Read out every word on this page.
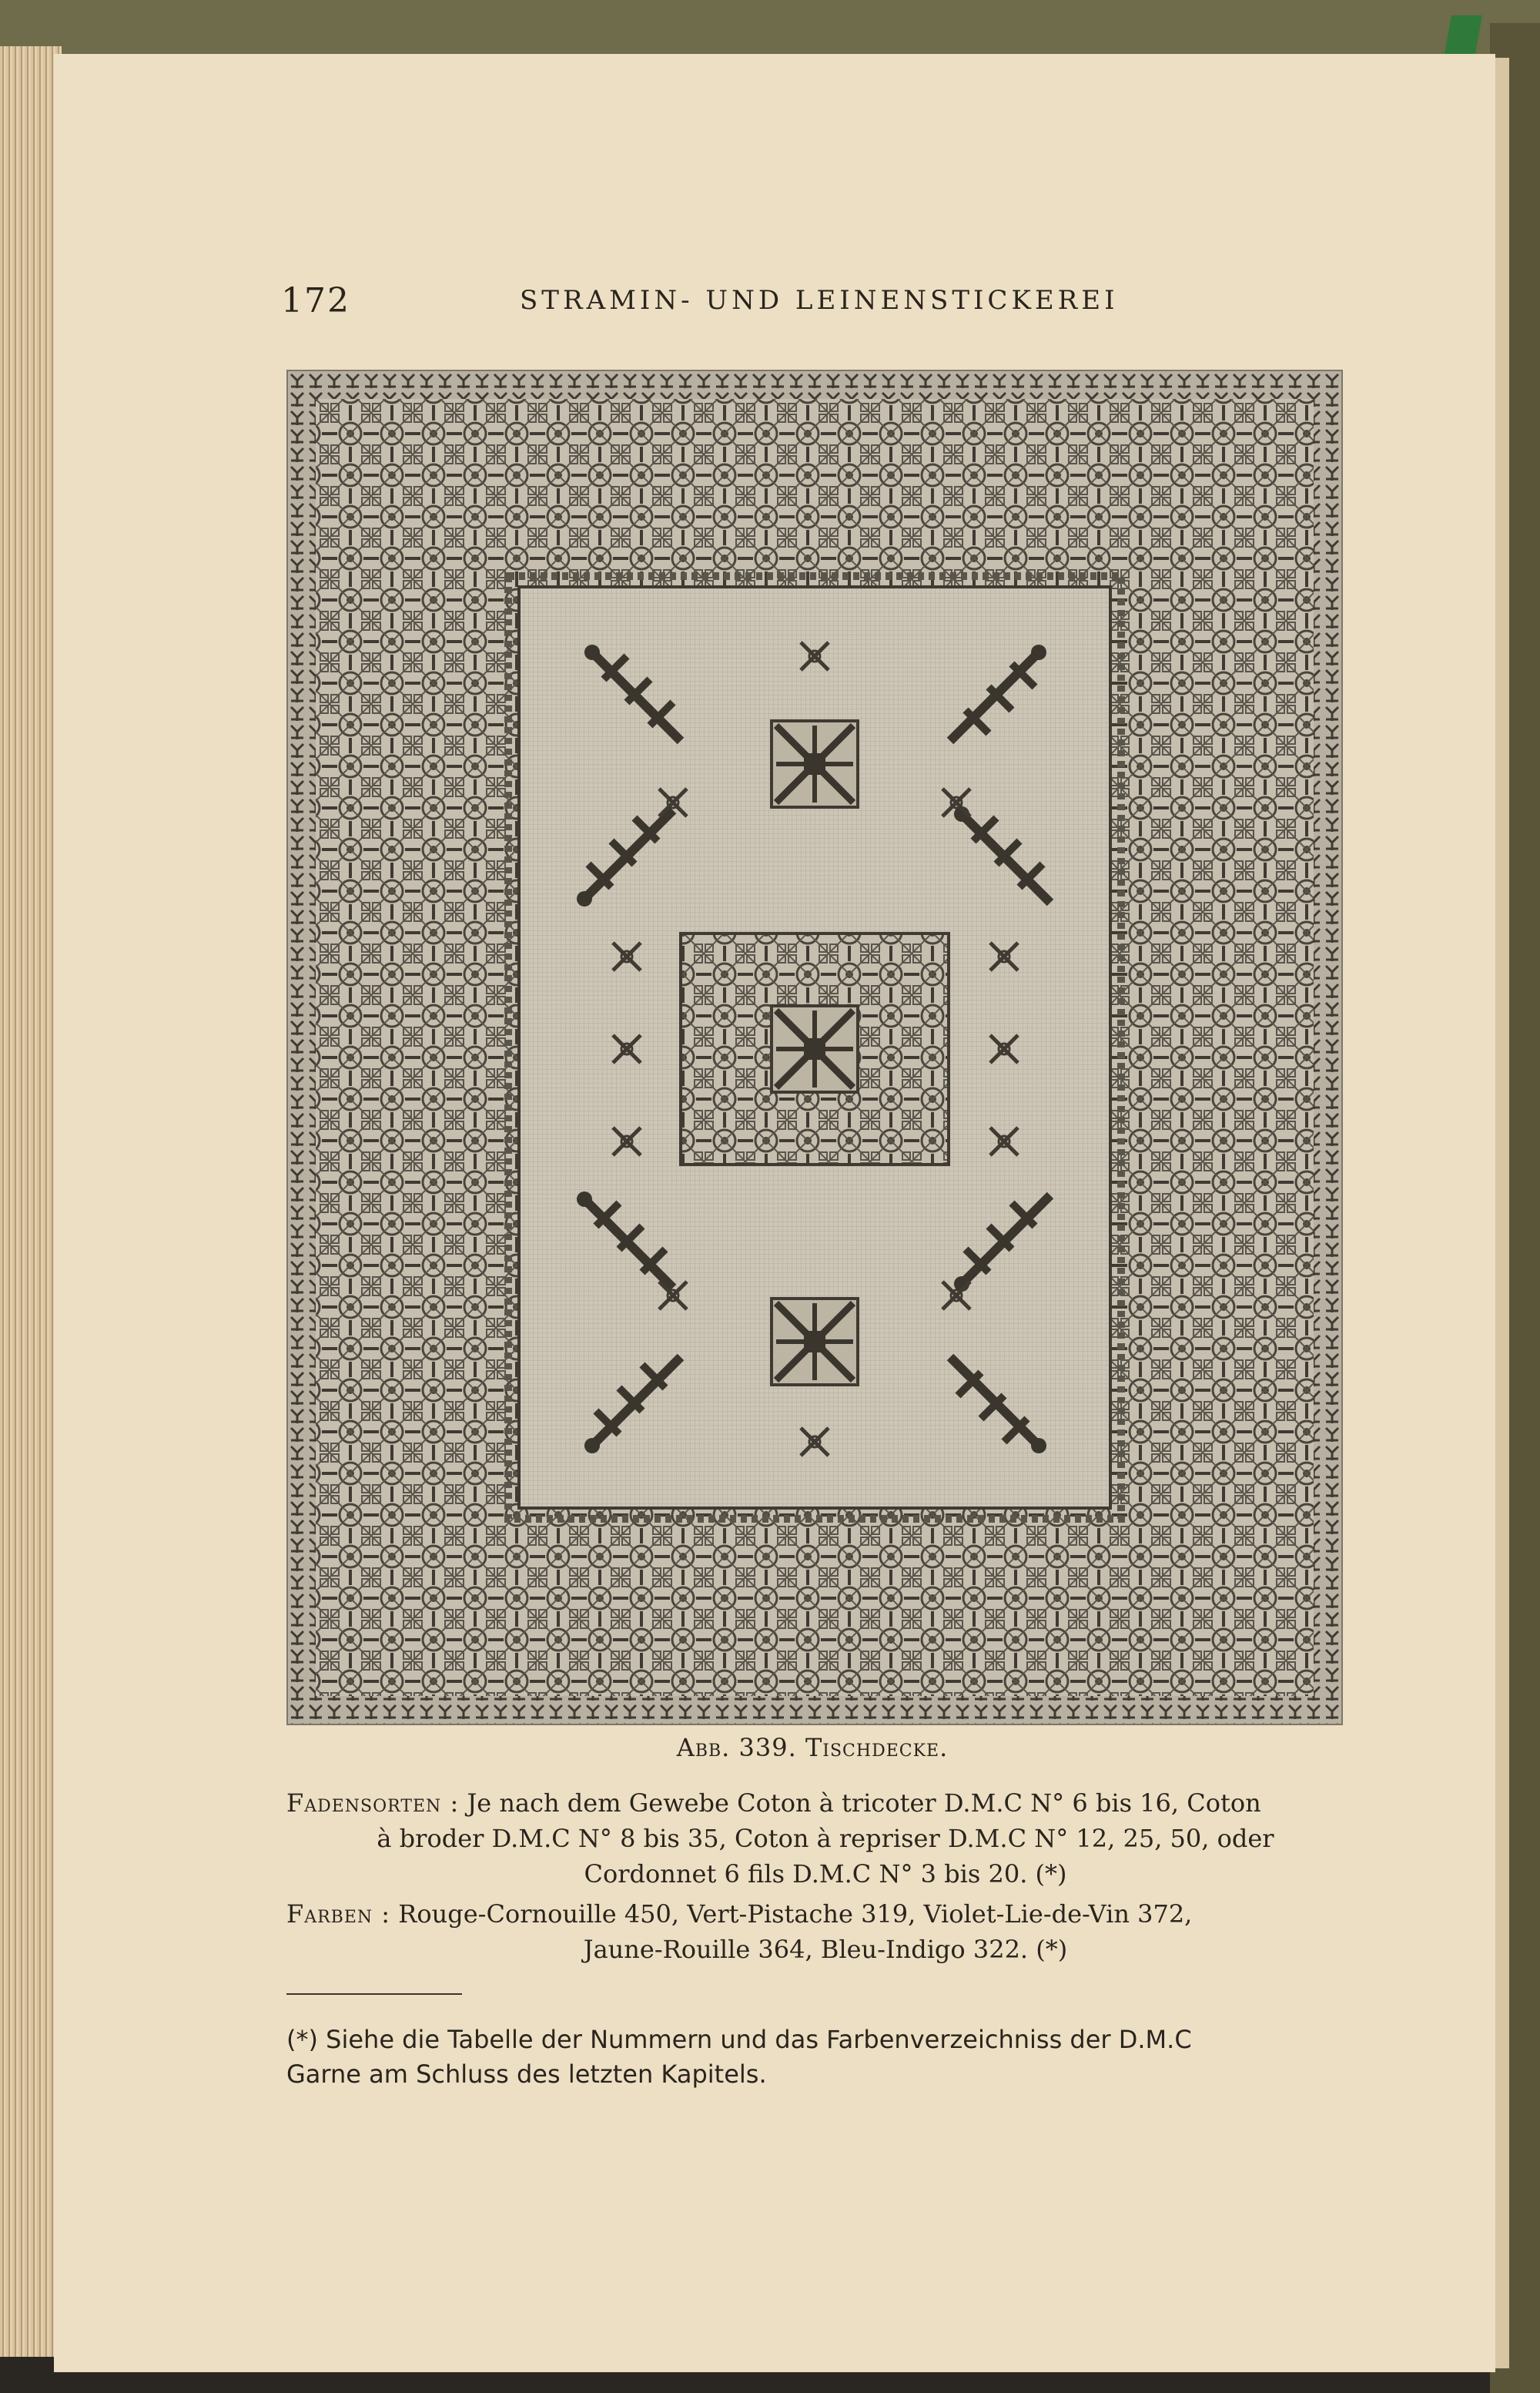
172	STRAMIN- UND LEINENSTICKEREI
Abb. 339. Tischdecke.
Fadensorten : Je nach dem Gewebe Coton à tricoter D.M.C N° 6 bis 16, Coton
à broder D.M.C N° 8 bis 35, Coton à repriser D.M.C N° 12, 25, 50, oder
Cordonnet 6 fils D.M.C N° 3 bis 20. (*)
Farben : Rouge-Cornouille 450, Vert-Pistache 319, Violet-Lie-de-Vin 372,
Jaune-Rouille 364, Bleu-Indigo 322. (*)
(*) Siehe die Tabelle der Nummern und das Farbenverzeichniss der D.M.C
Garne am Schluss des letzten Kapitels.
